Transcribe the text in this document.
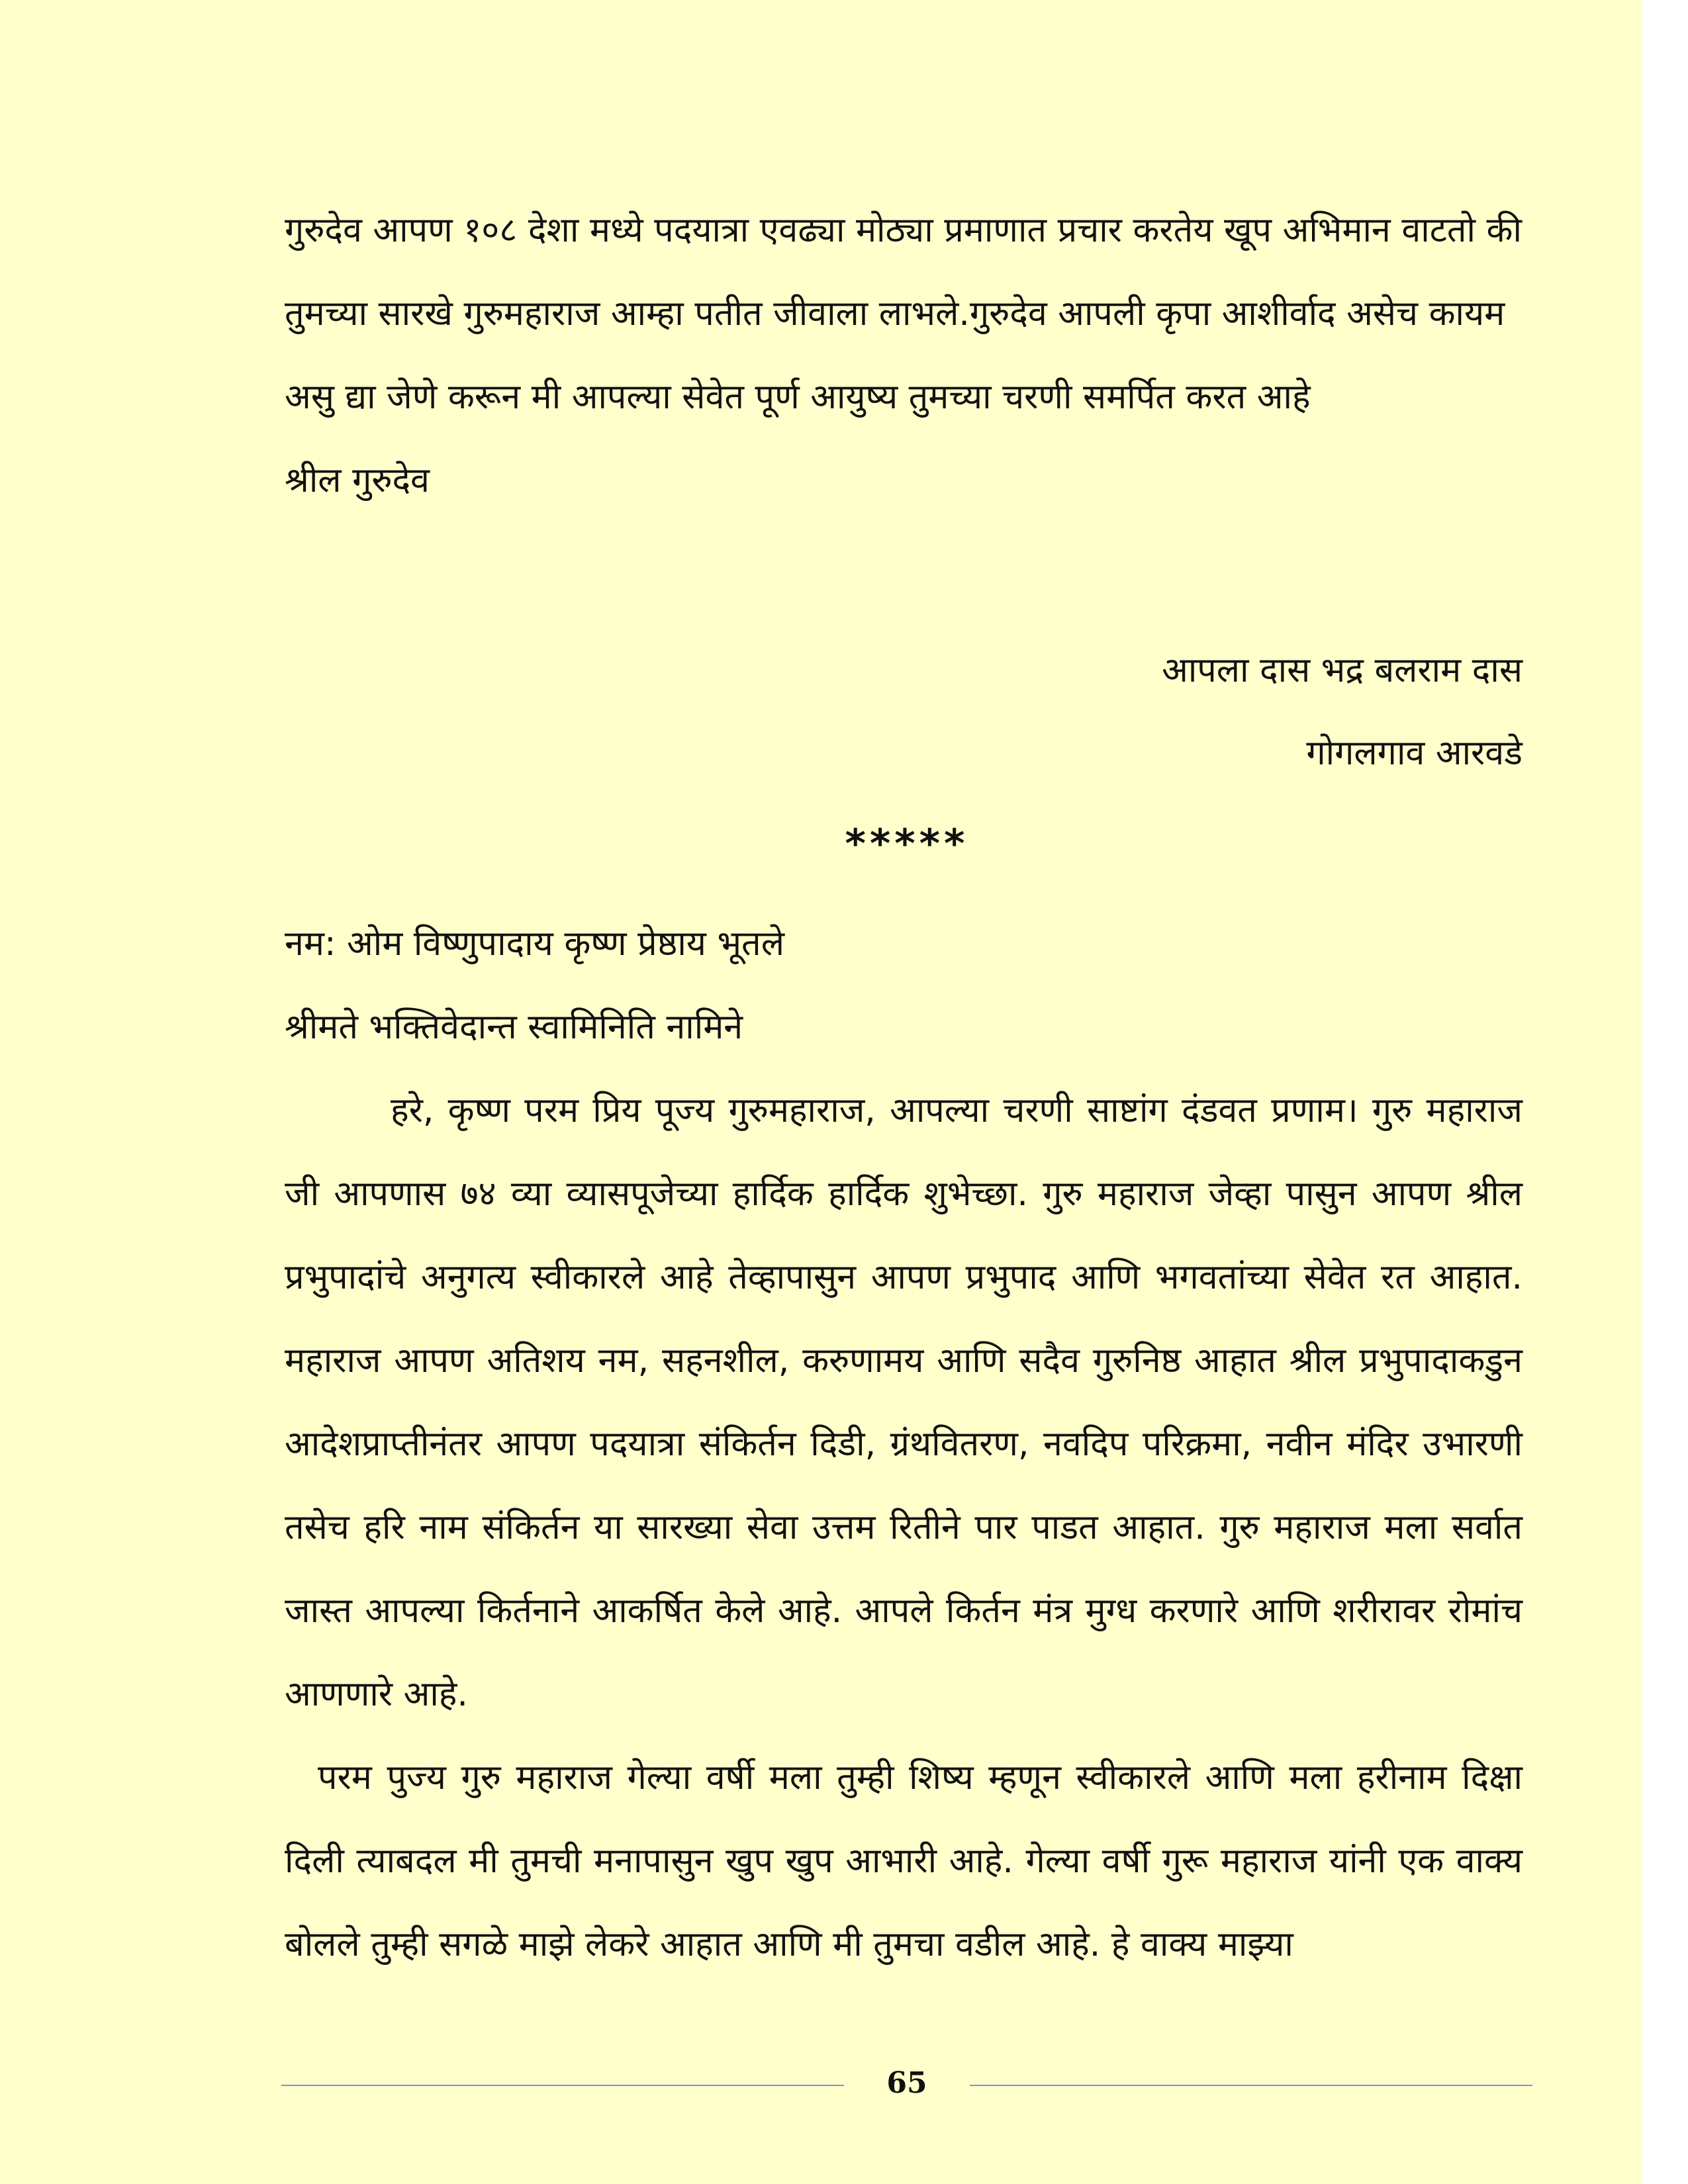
गुरुदेव आपण १०८ देशा मध्ये पदयात्रा एवढ्या मोठ्या प्रमाणात प्रचार करतेय खूप अभिमान वाटतो की तुमच्या सारखे गुरुमहाराज आम्हा पतीत जीवाला लाभले.गुरुदेव आपली कृपा आशीर्वाद असेच कायम असु द्या जेणे करून मी आपल्या सेवेत पूर्ण आयुष्य तुमच्या चरणी समर्पित करत आहे

श्रील गुरुदेव

आपला दास भद्र बलराम दास

गोगलगाव आरवडे

*****

नम: ओम विष्णुपादाय कृष्ण प्रेष्ठाय भूतले

श्रीमते भक्तिवेदान्त स्वामिनिति नामिने

हरे, कृष्ण परम प्रिय पूज्य गुरुमहाराज, आपल्या चरणी साष्टांग दंडवत प्रणाम। गुरु महाराज जी आपणास ७४ व्या व्यासपूजेच्या हार्दिक हार्दिक शुभेच्छा. गुरु महाराज जेव्हा पासुन आपण श्रील प्रभुपादांचे अनुगत्य स्वीकारले आहे तेव्हापासुन आपण प्रभुपाद आणि भगवतांच्या सेवेत रत आहात. महाराज आपण अतिशय नम, सहनशील, करुणामय आणि सदैव गुरुनिष्ठ आहात श्रील प्रभुपादाकडुन आदेशप्राप्तीनंतर आपण पदयात्रा संकिर्तन दिडी, ग्रंथवितरण, नवदिप परिक्रमा, नवीन मंदिर उभारणी तसेच हरि नाम संकिर्तन या सारख्या सेवा उत्तम रितीने पार पाडत आहात. गुरु महाराज मला सर्वात जास्त आपल्या किर्तनाने आकर्षित केले आहे. आपले किर्तन मंत्र मुग्ध करणारे आणि शरीरावर रोमांच आणणारे आहे.

परम पुज्य गुरु महाराज गेल्या वर्षी मला तुम्ही शिष्य म्हणून स्वीकारले आणि मला हरीनाम दिक्षा दिली त्याबदल मी तुमची मनापासुन खुप खुप आभारी आहे. गेल्या वर्षी गुरू महाराज यांनी एक वाक्य बोलले तुम्ही सगळे माझे लेकरे आहात आणि मी तुमचा वडील आहे. हे वाक्य माझ्या

65
